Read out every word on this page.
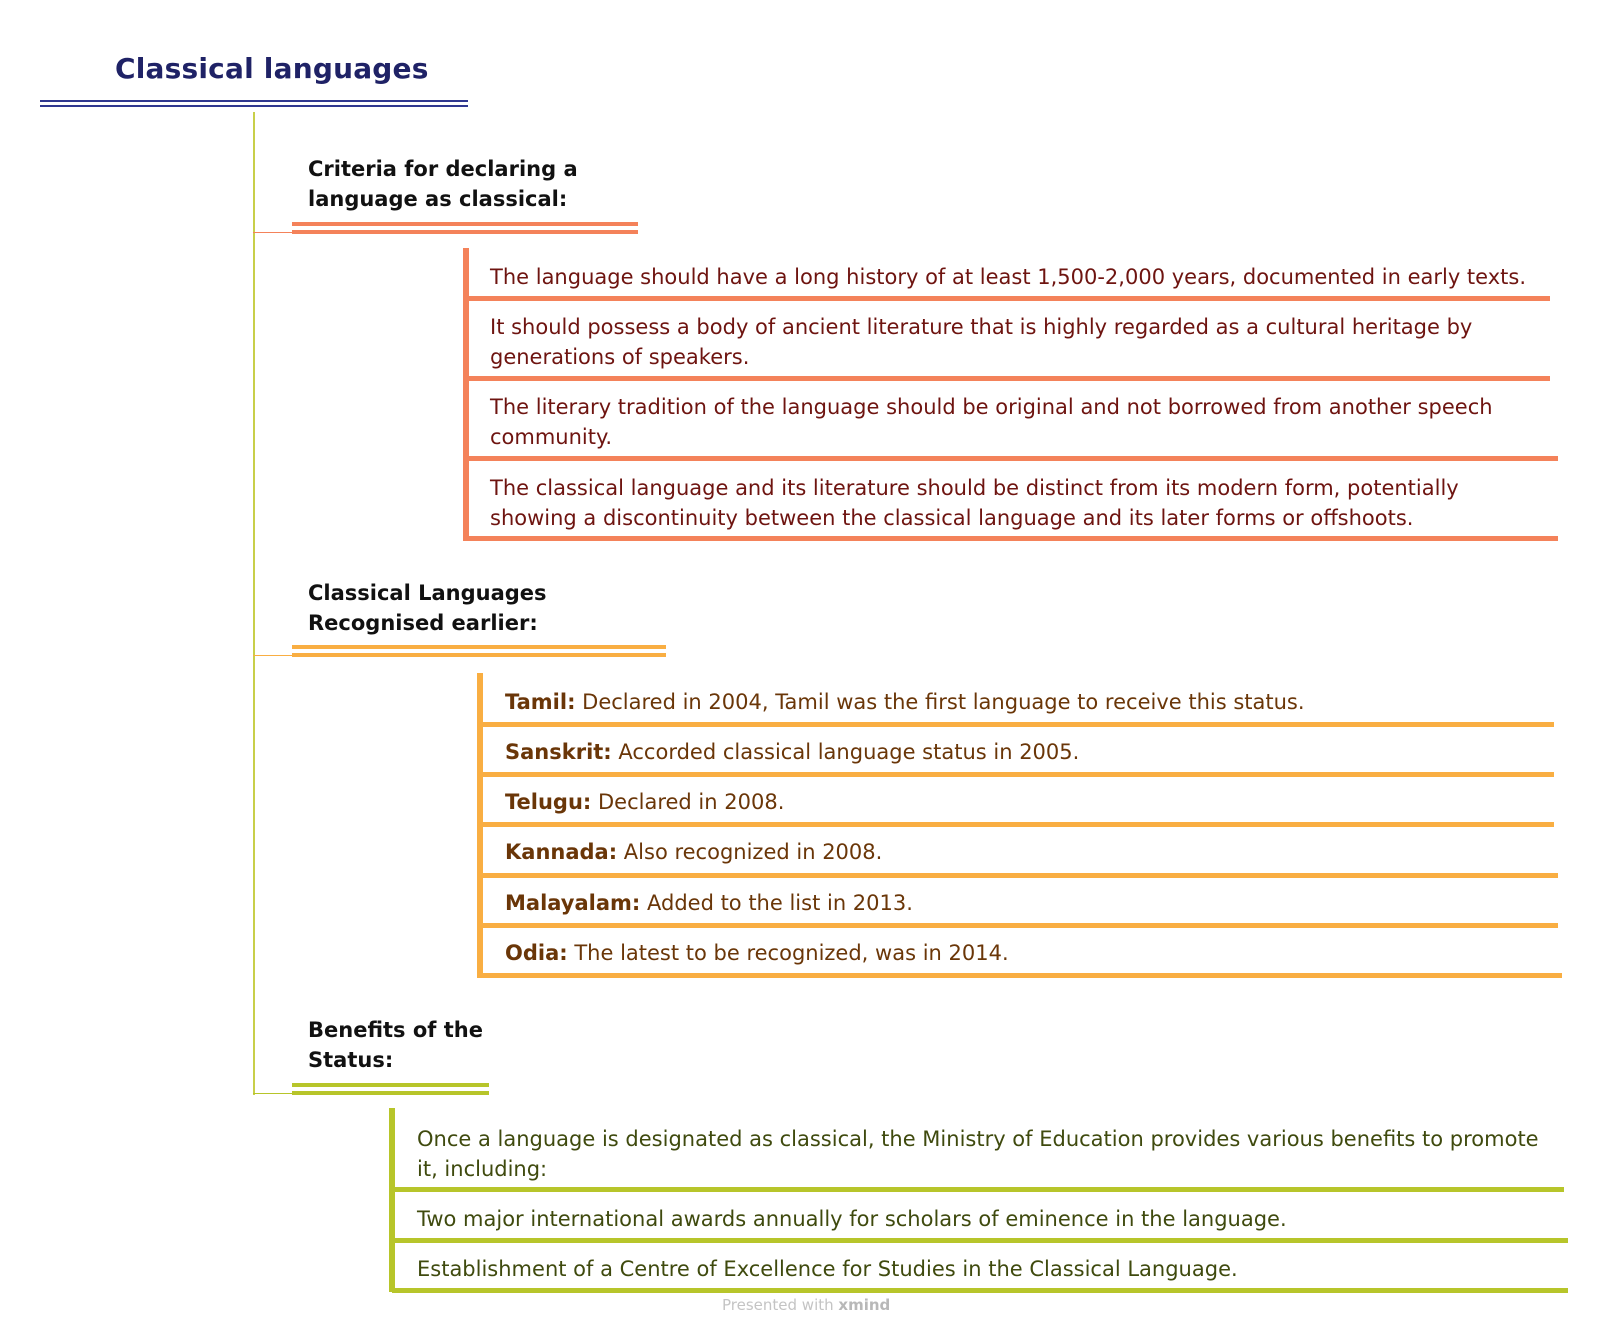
Classical languages
Criteria for declaring a
language as classical:
The language should have a long history of at least 1,500-2,000 years, documented in early texts.
It should possess a body of ancient literature that is highly regarded as a cultural heritage by
generations of speakers.
The literary tradition of the language should be original and not borrowed from another speech
community.
The classical language and its literature should be distinct from its modern form, potentially
showing a discontinuity between the classical language and its later forms or offshoots.
Classical Languages
Recognised earlier:
Tamil: Declared in 2004, Tamil was the first language to receive this status.
Sanskrit: Accorded classical language status in 2005.
Telugu: Declared in 2008.
Kannada: Also recognized in 2008.
Malayalam: Added to the list in 2013.
Odia: The latest to be recognized, was in 2014.
Benefits of the
Status:
Once a language is designated as classical, the Ministry of Education provides various benefits to promote
it, including:
Two major international awards annually for scholars of eminence in the language.
Establishment of a Centre of Excellence for Studies in the Classical Language.
Presented with xmind
